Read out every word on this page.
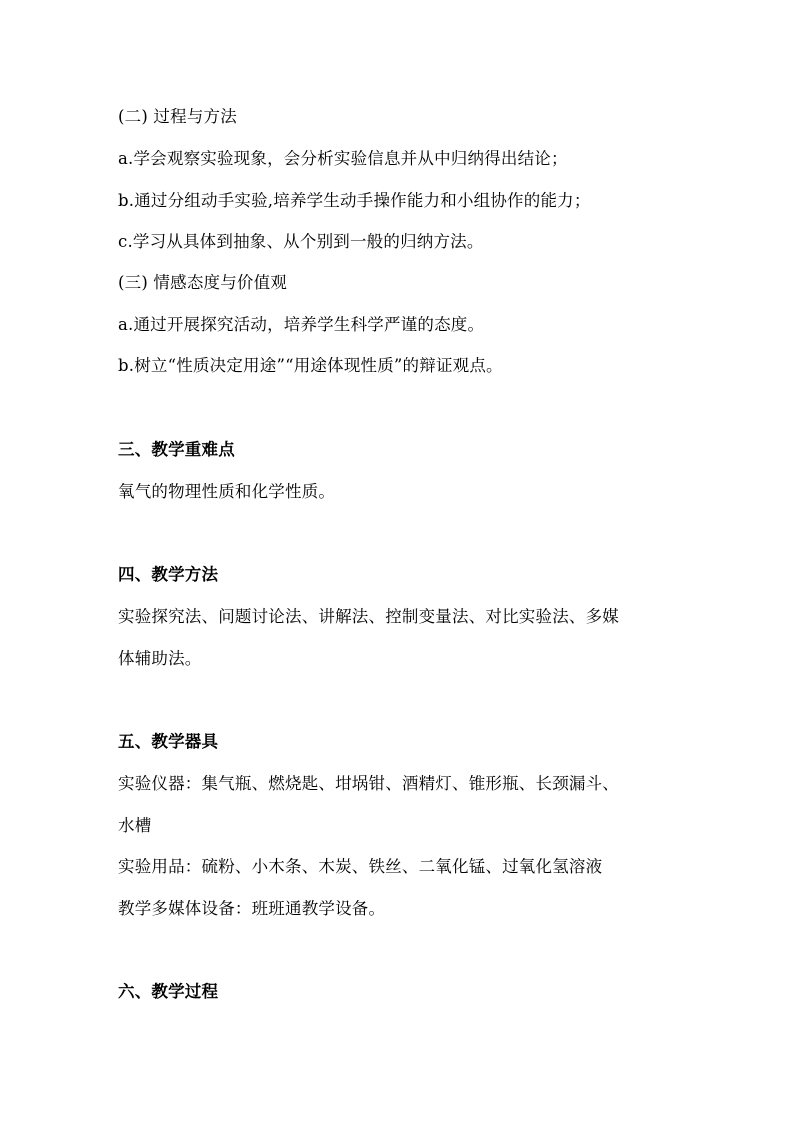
(二) 过程与方法
a.学会观察实验现象，会分析实验信息并从中归纳得出结论；
b.通过分组动手实验,培养学生动手操作能力和小组协作的能力；
c.学习从具体到抽象、从个别到一般的归纳方法。
(三) 情感态度与价值观
a.通过开展探究活动，培养学生科学严谨的态度。
b.树立“性质决定用途”“用途体现性质”的辩证观点。
三、教学重难点
氧气的物理性质和化学性质。
四、教学方法
实验探究法、问题讨论法、讲解法、控制变量法、对比实验法、多媒
体辅助法。
五、教学器具
实验仪器：集气瓶、燃烧匙、坩埚钳、酒精灯、锥形瓶、长颈漏斗、
水槽
实验用品：硫粉、小木条、木炭、铁丝、二氧化锰、过氧化氢溶液
教学多媒体设备：班班通教学设备。
六、教学过程
